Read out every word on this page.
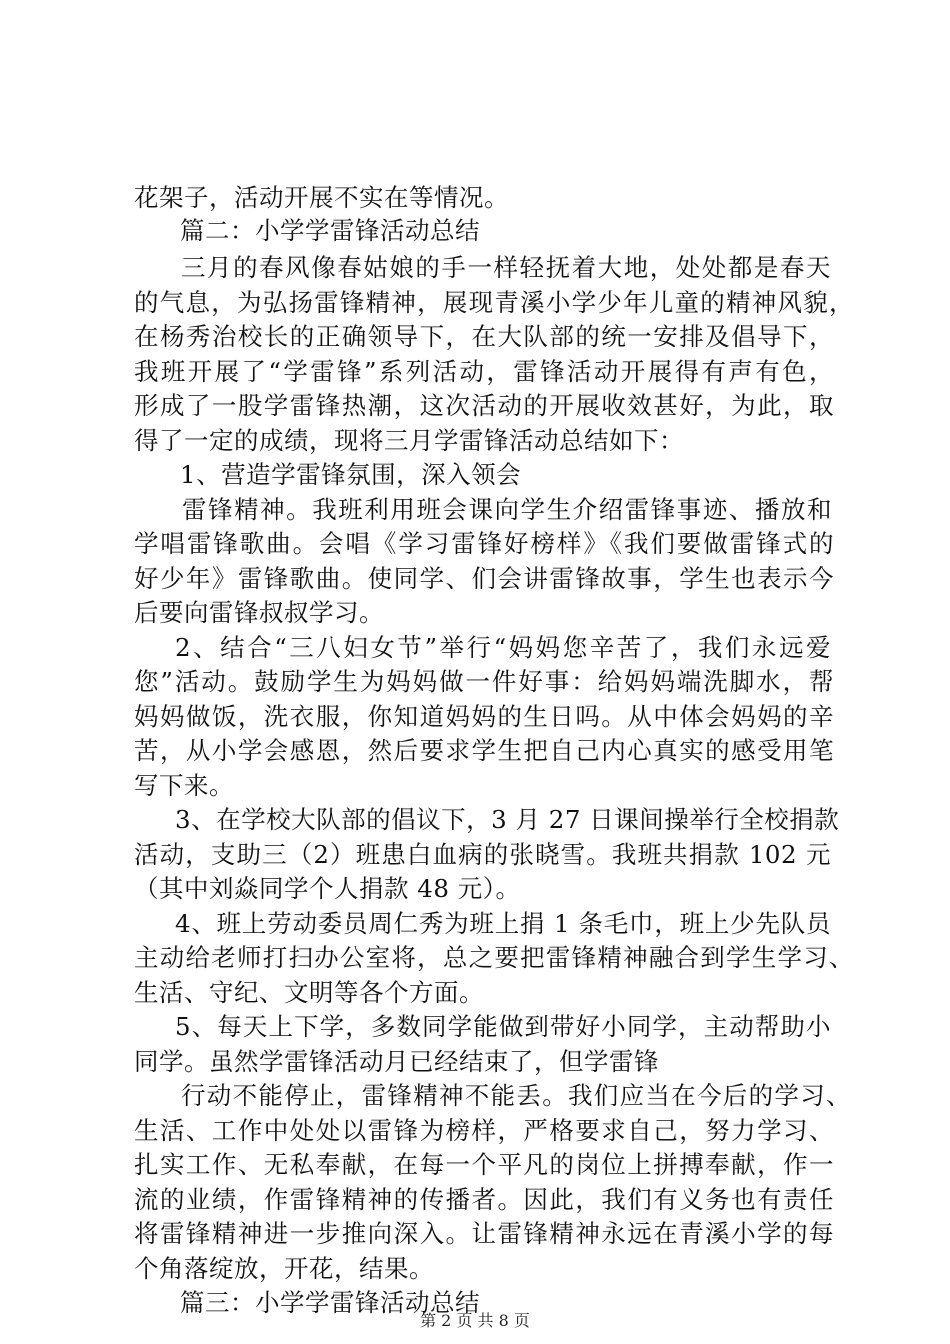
花架子，活动开展不实在等情况。
篇二：小学学雷锋活动总结
三月的春风像春姑娘的手一样轻抚着大地，处处都是春天
的气息，为弘扬雷锋精神，展现青溪小学少年儿童的精神风貌，
在杨秀治校长的正确领导下，在大队部的统一安排及倡导下，
我班开展了“学雷锋”系列活动，雷锋活动开展得有声有色，
形成了一股学雷锋热潮，这次活动的开展收效甚好，为此，取
得了一定的成绩，现将三月学雷锋活动总结如下：
1、营造学雷锋氛围，深入领会
雷锋精神。我班利用班会课向学生介绍雷锋事迹、播放和
学唱雷锋歌曲。会唱《学习雷锋好榜样》《我们要做雷锋式的
好少年》雷锋歌曲。使同学、们会讲雷锋故事，学生也表示今
后要向雷锋叔叔学习。
2、结合“三八妇女节”举行“妈妈您辛苦了，我们永远爱
您”活动。鼓励学生为妈妈做一件好事：给妈妈端洗脚水，帮
妈妈做饭，洗衣服，你知道妈妈的生日吗。从中体会妈妈的辛
苦，从小学会感恩，然后要求学生把自己内心真实的感受用笔
写下来。
3、在学校大队部的倡议下，3 月 27 日课间操举行全校捐款
活动，支助三（2）班患白血病的张晓雪。我班共捐款 102 元
（其中刘焱同学个人捐款 48 元）。
4、班上劳动委员周仁秀为班上捐 1 条毛巾，班上少先队员
主动给老师打扫办公室将，总之要把雷锋精神融合到学生学习、
生活、守纪、文明等各个方面。
5、每天上下学，多数同学能做到带好小同学，主动帮助小
同学。虽然学雷锋活动月已经结束了，但学雷锋
行动不能停止，雷锋精神不能丢。我们应当在今后的学习、
生活、工作中处处以雷锋为榜样，严格要求自己，努力学习、
扎实工作、无私奉献，在每一个平凡的岗位上拼搏奉献，作一
流的业绩，作雷锋精神的传播者。因此，我们有义务也有责任
将雷锋精神进一步推向深入。让雷锋精神永远在青溪小学的每
个角落绽放，开花，结果。
篇三：小学学雷锋活动总结
第 2 页 共 8 页
